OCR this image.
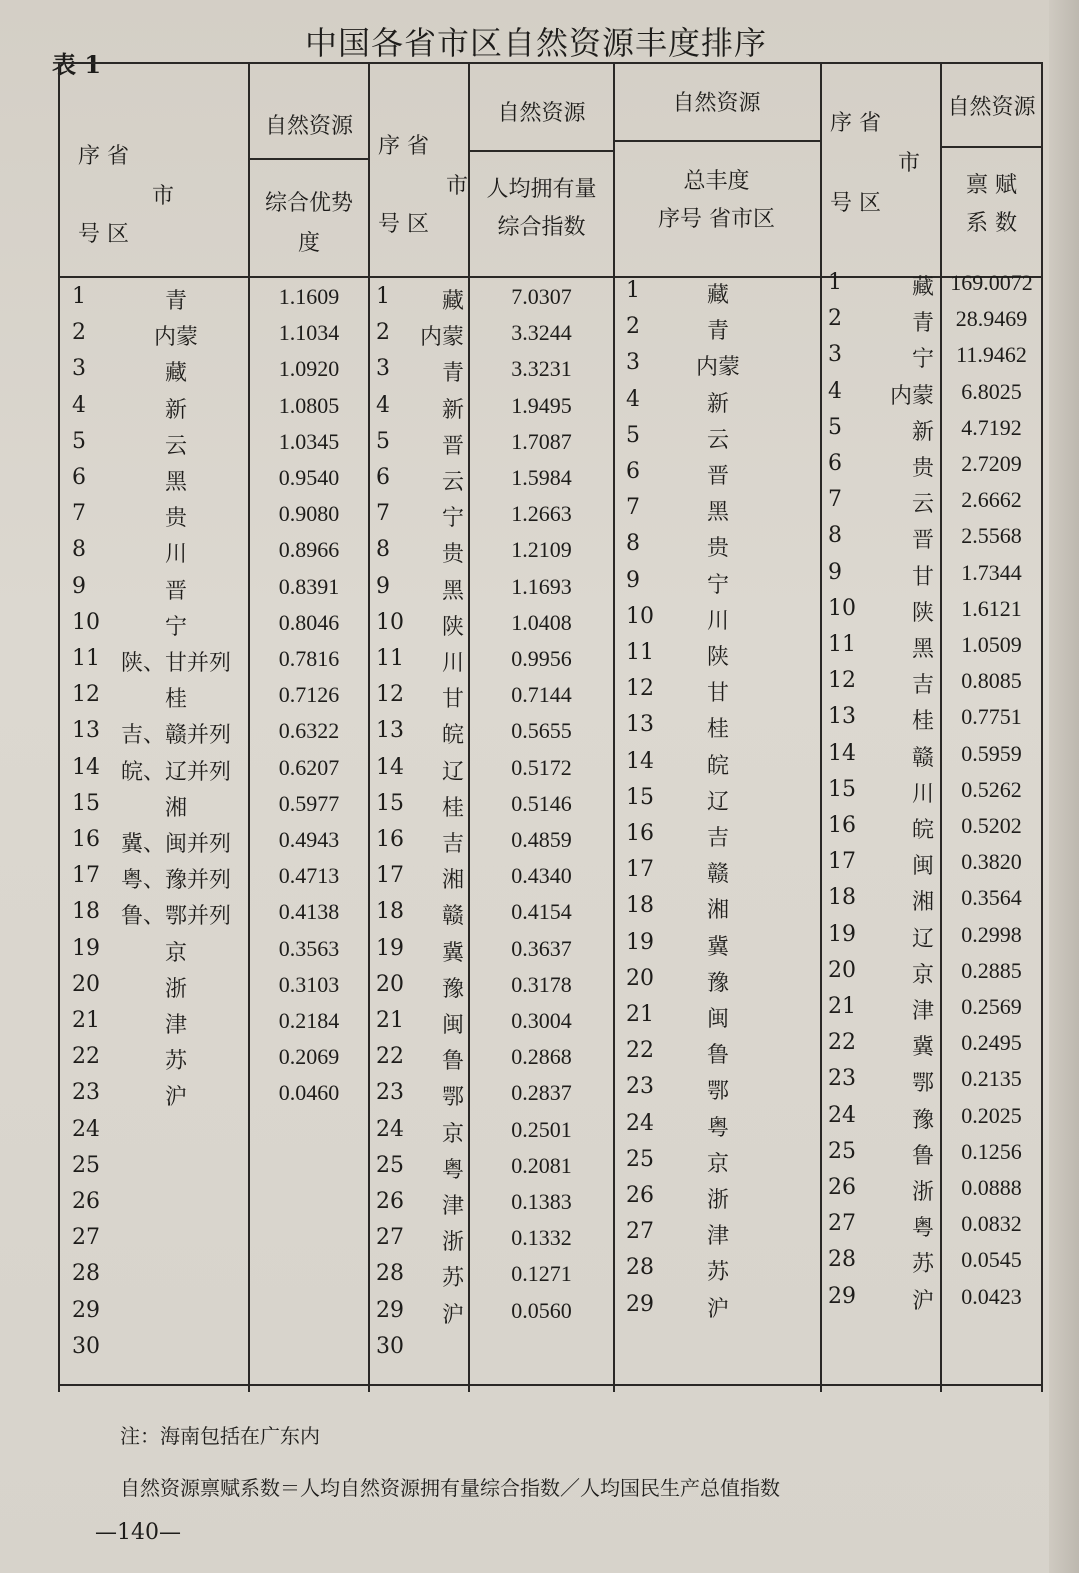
表 1
中国各省市区自然资源丰度排序
序 省
市
号 区
自然资源
综合优势度
序 省
市
号 区
自然资源
人均拥有量
综合指数
自然资源
总丰度
序号 省市区
序 省
市
号 区
自然资源
禀 赋
系 数
1	青	1.1609
2	内蒙	1.1034
3	藏	1.0920
4	新	1.0805
5	云	1.0345
6	黑	0.9540
7	贵	0.9080
8	川	0.8966
9	晋	0.8391
10	宁	0.8046
11 陕、甘并列	0.7816
12	桂	0.7126
13 吉、赣并列	0.6322
14 皖、辽并列	0.6207
15	湘	0.5977
16 冀、闽并列	0.4943
17 粤、豫并列	0.4713
18 鲁、鄂并列	0.4138
19	京	0.3563
20	浙	0.3103
21	津	0.2184
22	苏	0.2069
23	沪	0.0460
24
25
26
27
28
29
30
1	藏	7.0307
2	内蒙	3.3244
3	青	3.3231
4	新	1.9495
5	晋	1.7087
6	云	1.5984
7	宁	1.2663
8	贵	1.2109
9	黑	1.1693
10	陕	1.0408
11	川	0.9956
12	甘	0.7144
13	皖	0.5655
14	辽	0.5172
15	桂	0.5146
16	吉	0.4859
17	湘	0.4340
18	赣	0.4154
19	冀	0.3637
20	豫	0.3178
21	闽	0.3004
22	鲁	0.2868
23	鄂	0.2837
24	京	0.2501
25	粤	0.2081
26	津	0.1383
27	浙	0.1332
28	苏	0.1271
29	沪	0.0560
30
1	藏
2	青
3	内蒙
4	新
5	云
6	晋
7	黑
8	贵
9	宁
10	川
11	陕
12	甘
13	桂
14	皖
15	辽
16	吉
17	赣
18	湘
19	冀
20	豫
21	闽
22	鲁
23	鄂
24	粤
25	京
26	浙
27	津
28	苏
29	沪
1	藏 169.0072
2	青 28.9469
3	宁	11.9462
4	内蒙	6.8025
5	新	4.7192
6	贵	2.7209
7	云	2.6662
8	晋	2.5568
9	甘	1.7344
10	陕	1.6121
11	黑	1.0509
12	吉	0.8085
13	桂	0.7751
14	赣	0.5959
15	川	0.5262
16	皖	0.5202
17	闽	0.3820
18	湘	0.3564
19	辽	0.2998
20	京	0.2885
21	津	0.2569
22	冀	0.2495
23	鄂	0.2135
24	豫	0.2025
25	鲁	0.1256
26	浙	0.0888
27	粤	0.0832
28	苏	0.0545
29	沪	0.0423
注：海南包括在广东内
自然资源禀赋系数＝人均自然资源拥有量综合指数／人均国民生产总值指数
—140—
